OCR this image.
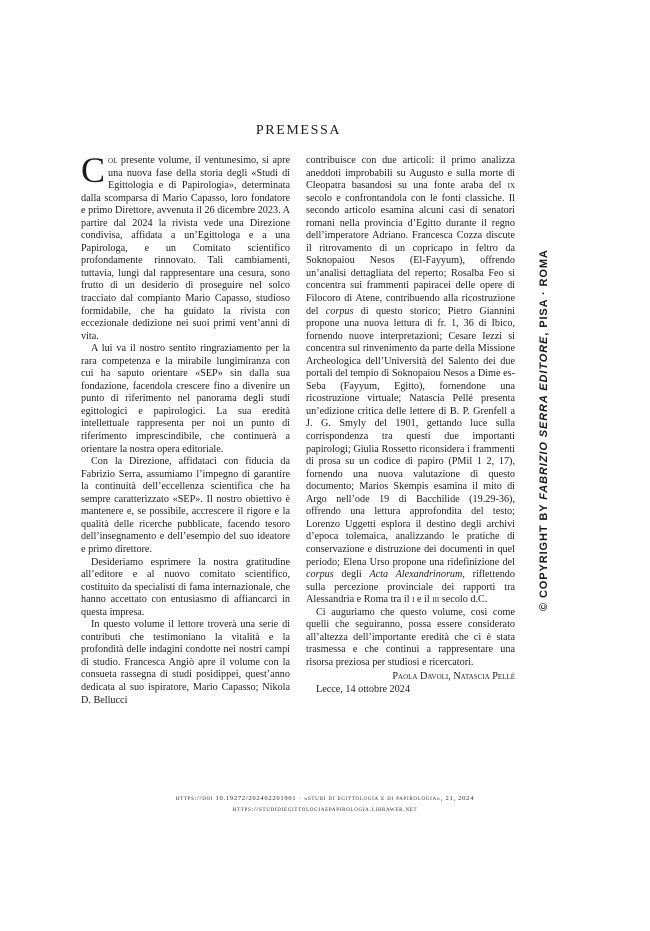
PREMESSA

Col presente volume, il ventunesimo, si apre una nuova fase della storia degli «Studi di Egittologia e di Papirologia», determinata dalla scomparsa di Mario Capasso, loro fondatore e primo Direttore, avvenuta il 26 dicembre 2023. A partire dal 2024 la rivista vede una Direzione condivisa, affidata a un’Egittologa e a una Papirologa, e un Comitato scientifico profondamente rinnovato. Tali cambiamenti, tuttavia, lungi dal rappresentare una cesura, sono frutto di un desiderio di proseguire nel solco tracciato dal compianto Mario Capasso, studioso formidabile, che ha guidato la rivista con eccezionale dedizione nei suoi primi vent’anni di vita.

A lui va il nostro sentito ringraziamento per la rara competenza e la mirabile lungimiranza con cui ha saputo orientare «SEP» sin dalla sua fondazione, facendola crescere fino a divenire un punto di riferimento nel panorama degli studi egittologici e papirologici. La sua eredità intellettuale rappresenta per noi un punto di riferimento imprescindibile, che continuerà a orientare la nostra opera editoriale.

Con la Direzione, affidataci con fiducia da Fabrizio Serra, assumiamo l’impegno di garantire la continuità dell’eccellenza scientifica che ha sempre caratterizzato «SEP». Il nostro obiettivo è mantenere e, se possibile, accrescere il rigore e la qualità delle ricerche pubblicate, facendo tesoro dell’insegnamento e dell’esempio del suo ideatore e primo direttore.

Desideriamo esprimere la nostra gratitudine all’editore e al nuovo comitato scientifico, costituito da specialisti di fama internazionale, che hanno accettato con entusiasmo di affiancarci in questa impresa.

In questo volume il lettore troverà una serie di contributi che testimoniano la vitalità e la profondità delle indagini condotte nei nostri campi di studio. Francesca Angiò apre il volume con la consueta rassegna di studi posidippei, quest’anno dedicata al suo ispiratore, Mario Capasso; Nikola D. Bellucci

contribuisce con due articoli: il primo analizza aneddoti improbabili su Augusto e sulla morte di Cleopatra basandosi su una fonte araba del ix secolo e confrontandola con le fonti classiche. Il secondo articolo esamina alcuni casi di senatori romani nella provincia d’Egitto durante il regno dell’imperatore Adriano. Francesca Cozza discute il ritrovamento di un copricapo in feltro da Soknopaiou Nesos (El-Fayyum), offrendo un’analisi dettagliata del reperto; Rosalba Feo si concentra sui frammenti papiracei delle opere di Filocoro di Atene, contribuendo alla ricostruzione del corpus di questo storico; Pietro Giannini propone una nuova lettura di fr. 1, 36 di Ibico, fornendo nuove interpretazioni; Cesare Iezzi si concentra sul rinvenimento da parte della Missione Archeologica dell’Università del Salento dei due portali del tempio di Soknopaiou Nesos a Dime es-Seba (Fayyum, Egitto), fornendone una ricostruzione virtuale; Natascia Pellé presenta un’edizione critica delle lettere di B. P. Grenfell a J. G. Smyly del 1901, gettando luce sulla corrispondenza tra questi due importanti papirologi; Giulia Rossetto riconsidera i frammenti di prosa su un codice di papiro (PMil 1 2, 17), fornendo una nuova valutazione di questo documento; Marios Skempis esamina il mito di Argo nell’ode 19 di Bacchilide (19.29-36), offrendo una lettura approfondita del testo; Lorenzo Uggetti esplora il destino degli archivi d’epoca tolemaica, analizzando le pratiche di conservazione e distruzione dei documenti in quel periodo; Elena Urso propone una ridefinizione del corpus degli Acta Alexandrinorum, riflettendo sulla percezione provinciale dei rapporti tra Alessandria e Roma tra il i e il iii secolo d.C.

Ci auguriamo che questo volume, così come quelli che seguiranno, possa essere considerato all’altezza dell’importante eredità che ci è stata trasmessa e che continui a rappresentare una risorsa preziosa per studiosi e ricercatori.

Paola Davoli, Natascia Pellé

Lecce, 14 ottobre 2024

https://doi 10.19272/202402201901 · «studi di egittologia e di papirologia», 21, 2024
https://studidiegittologiaepapirologia.libraweb.net
© COPYRIGHT BY FABRIZIO SERRA EDITORE, PISA · ROMA
